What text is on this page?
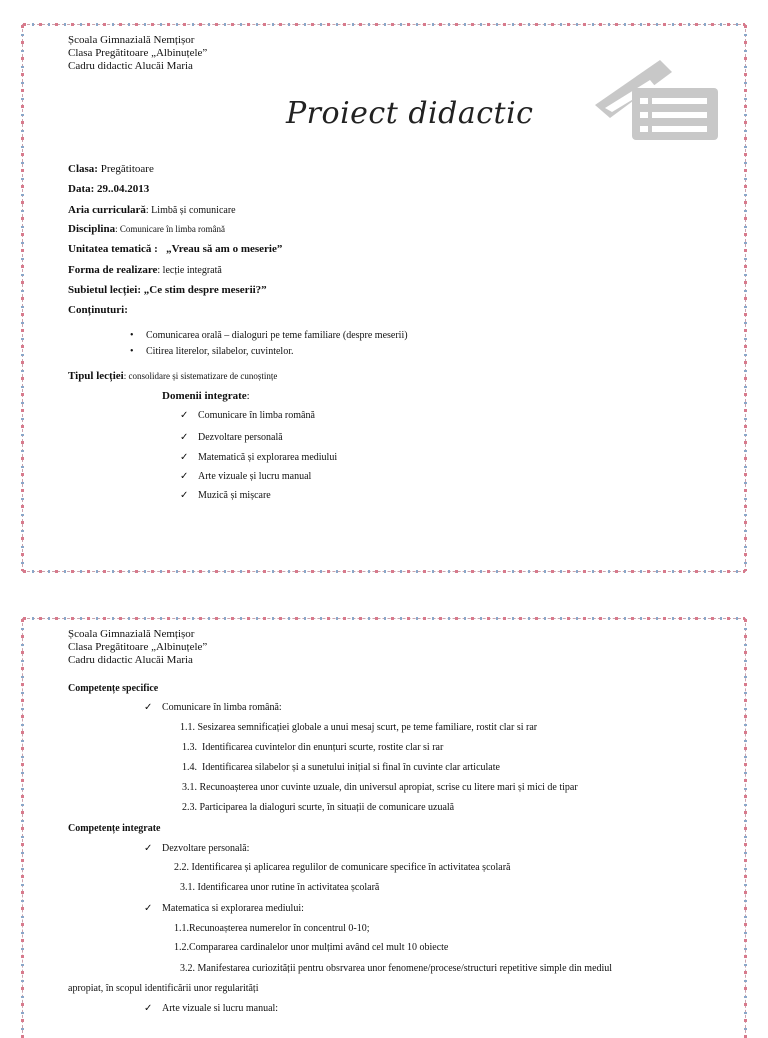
Școala Gimnazială Nemțișor
Clasa Pregătitoare „Albinuțele”
Cadru didactic Alucăi Maria
Proiect didactic
Clasa: Pregătitoare
Data: 29..04.2013
Aria curriculară: Limbă și comunicare
Disciplina: Comunicare în limba română
Unitatea tematică :   „Vreau să am o meserie”
Forma de realizare: lecție integrată
Subietul lecției: „Ce stim despre meserii?”
Conținuturi:
• Comunicarea orală – dialoguri pe teme familiare (despre meserii)
• Citirea literelor, silabelor, cuvintelor.
Tipul lecției: consolidare și sistematizare de cunoștințe
Domenii integrate:
✓ Comunicare în limba română
✓ Dezvoltare personală
✓ Matematică și explorarea mediului
✓ Arte vizuale și lucru manual
✓ Muzică și mișcare
Școala Gimnazială Nemțișor
Clasa Pregătitoare „Albinuțele”
Cadru didactic Alucăi Maria
Competențe specifice
✓ Comunicare în limba română:
1.1. Sesizarea semnificației globale a unui mesaj scurt, pe teme familiare, rostit clar si rar
1.3.  Identificarea cuvintelor din enunțuri scurte, rostite clar si rar
1.4.  Identificarea silabelor și a sunetului inițial si final în cuvinte clar articulate
3.1. Recunoașterea unor cuvinte uzuale, din universul apropiat, scrise cu litere mari și mici de tipar
2.3. Participarea la dialoguri scurte, în situații de comunicare uzuală
Competențe integrate
✓ Dezvoltare personală:
2.2. Identificarea și aplicarea regulilor de comunicare specifice în activitatea școlară
3.1. Identificarea unor rutine în activitatea școlară
✓ Matematica si explorarea mediului:
1.1.Recunoașterea numerelor în concentrul 0-10;
1.2.Compararea cardinalelor unor mulțimi având cel mult 10 obiecte
3.2. Manifestarea curiozității pentru obsrvarea unor fenomene/procese/structuri repetitive simple din mediul
apropiat, în scopul identificării unor regularități
✓ Arte vizuale si lucru manual:
